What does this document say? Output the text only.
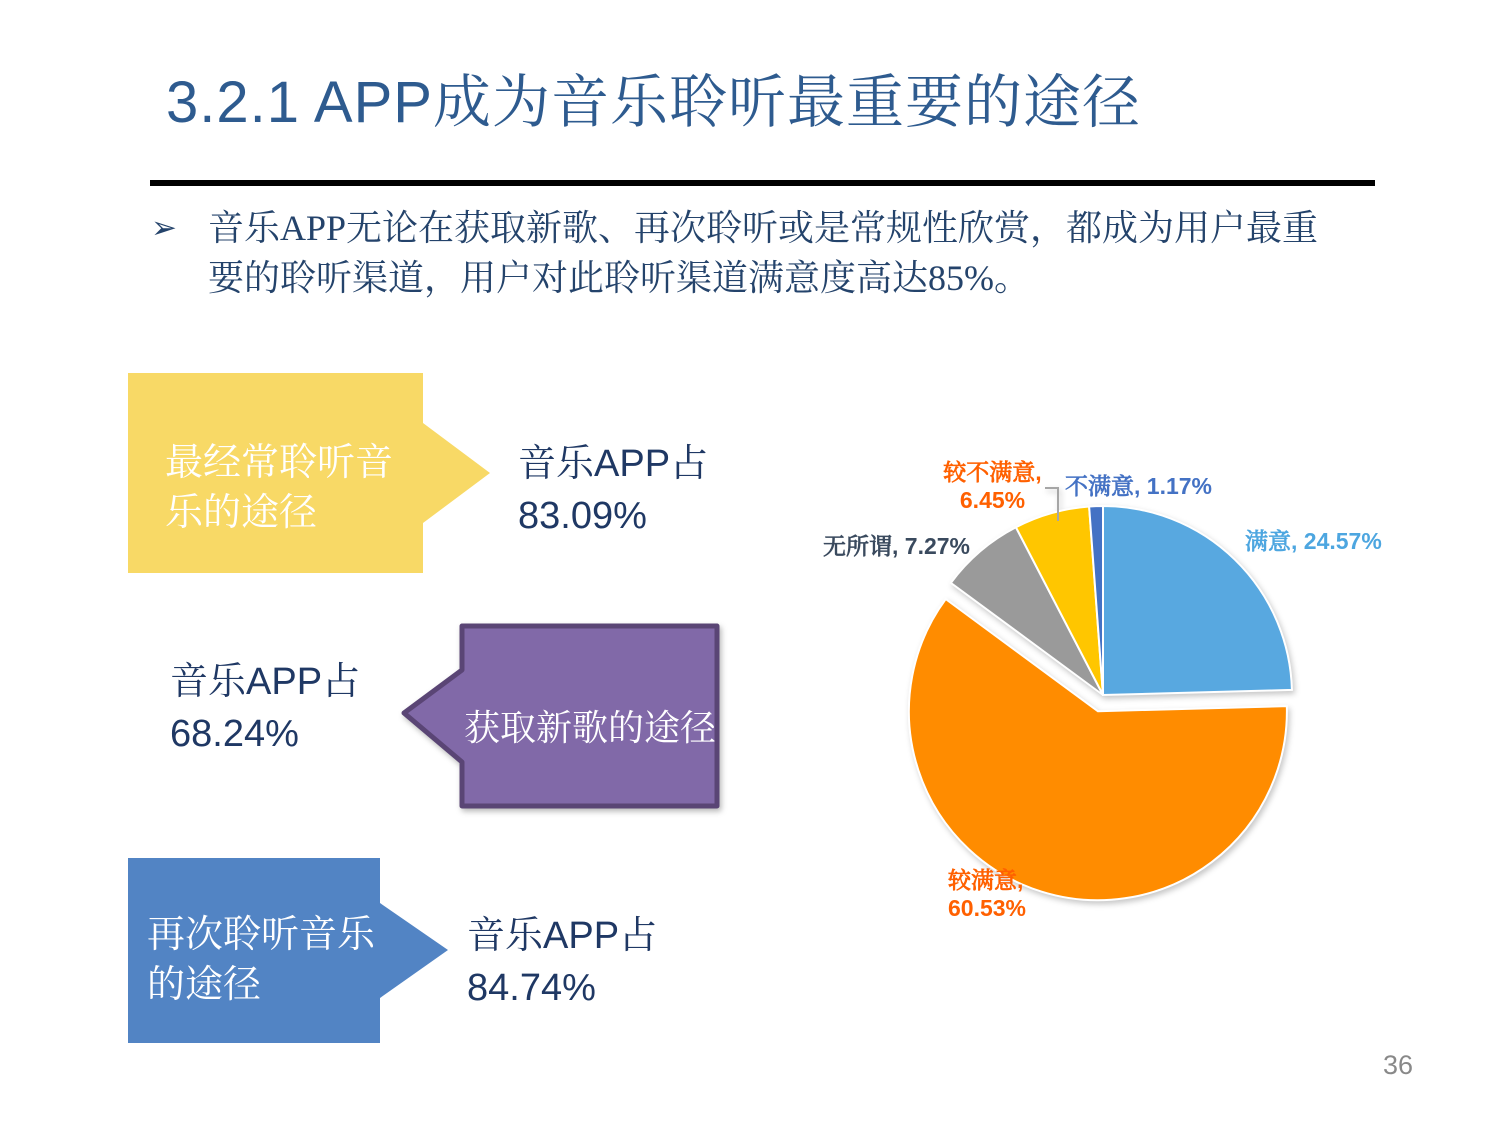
3.2.1 APP成为音乐聆听最重要的途径
➢ 音乐APP无论在获取新歌、再次聆听或是常规性欣赏，都成为用户最重
要的聆听渠道，用户对此聆听渠道满意度高达85%。
最经常聆听音
乐的途径
音乐APP占
83.09%
获取新歌的途径
音乐APP占
68.24%
再次聆听音乐
的途径
音乐APP占
84.74%
较不满意,
6.45%
不满意, 1.17%
无所谓, 7.27%	满意, 24.57%
较满意,
60.53%
36
